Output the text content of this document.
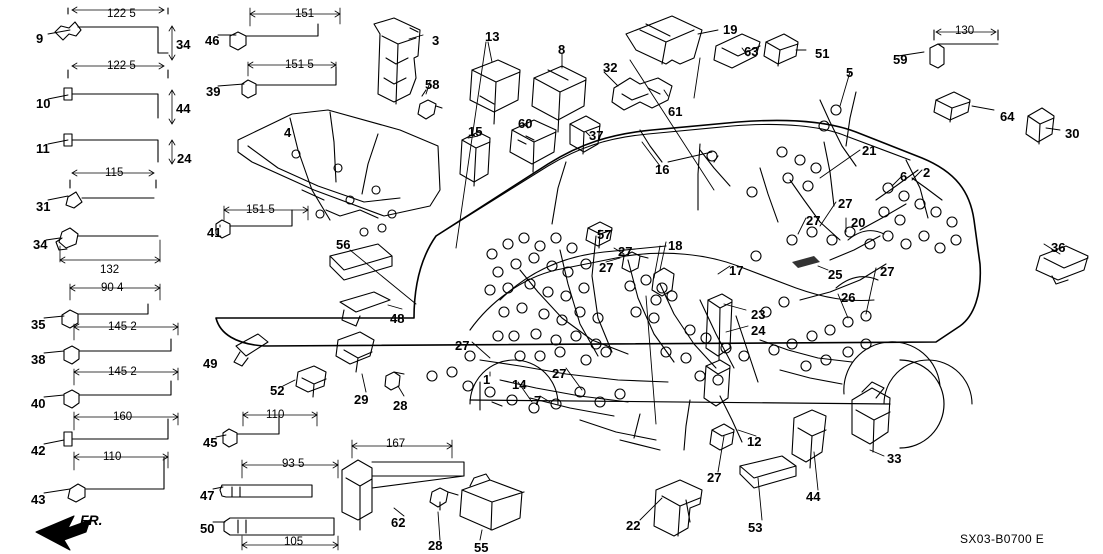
9	46	3	13
8
19
63	51	59
34
10
39	58
32
61
5
64
44
11
4	15
60
37	30
24
16
21
2
6
31
41
34	56
57
27
27 20
36
18
27
27	17	25	27
35	48
26
23
24
38	49
27
27
40
52
29 28
1 14
7
42
45	12
33
43	47
62
28 55
22	53
44
27
50
122 5	151
130
122 5	151 5
115
151 5
132
90 4
145 2
145 2
160	110
110
167
93 5
105
FR.
SX03-B0700 E
